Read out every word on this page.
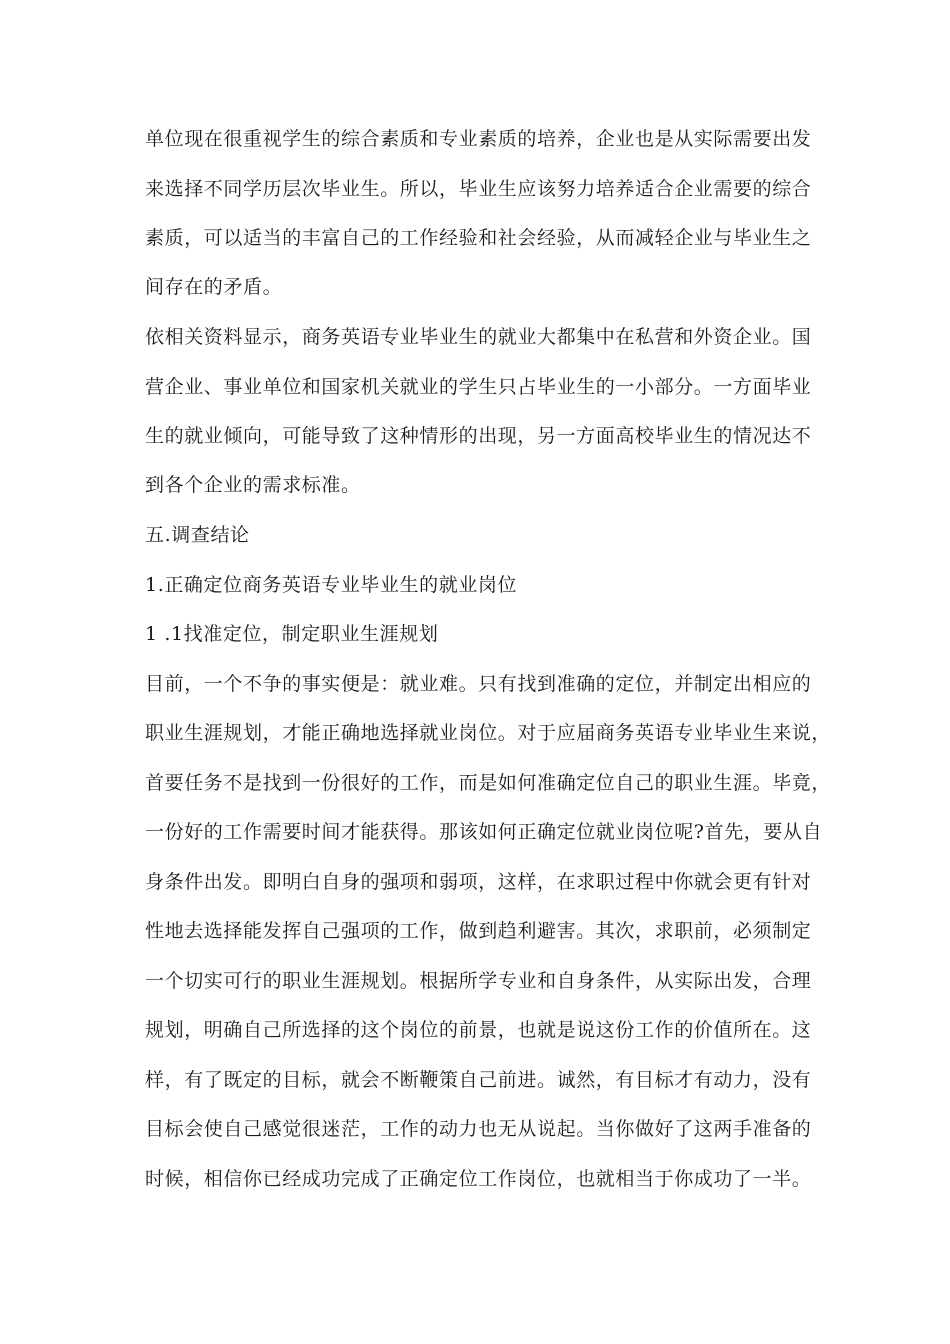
单位现在很重视学生的综合素质和专业素质的培养，企业也是从实际需要出发
来选择不同学历层次毕业生。所以，毕业生应该努力培养适合企业需要的综合
素质，可以适当的丰富自己的工作经验和社会经验，从而减轻企业与毕业生之
间存在的矛盾。
依相关资料显示，商务英语专业毕业生的就业大都集中在私营和外资企业。国
营企业、事业单位和国家机关就业的学生只占毕业生的一小部分。一方面毕业
生的就业倾向，可能导致了这种情形的出现，另一方面高校毕业生的情况达不
到各个企业的需求标准。
五.调查结论
1.正确定位商务英语专业毕业生的就业岗位
1 .1找准定位，制定职业生涯规划
目前，一个不争的事实便是：就业难。只有找到准确的定位，并制定出相应的
职业生涯规划，才能正确地选择就业岗位。对于应届商务英语专业毕业生来说，
首要任务不是找到一份很好的工作，而是如何准确定位自己的职业生涯。毕竟，
一份好的工作需要时间才能获得。那该如何正确定位就业岗位呢?首先，要从自
身条件出发。即明白自身的强项和弱项，这样，在求职过程中你就会更有针对
性地去选择能发挥自己强项的工作，做到趋利避害。其次，求职前，必须制定
一个切实可行的职业生涯规划。根据所学专业和自身条件，从实际出发，合理
规划，明确自己所选择的这个岗位的前景，也就是说这份工作的价值所在。这
样，有了既定的目标，就会不断鞭策自己前进。诚然，有目标才有动力，没有
目标会使自己感觉很迷茫，工作的动力也无从说起。当你做好了这两手准备的
时候，相信你已经成功完成了正确定位工作岗位，也就相当于你成功了一半。
